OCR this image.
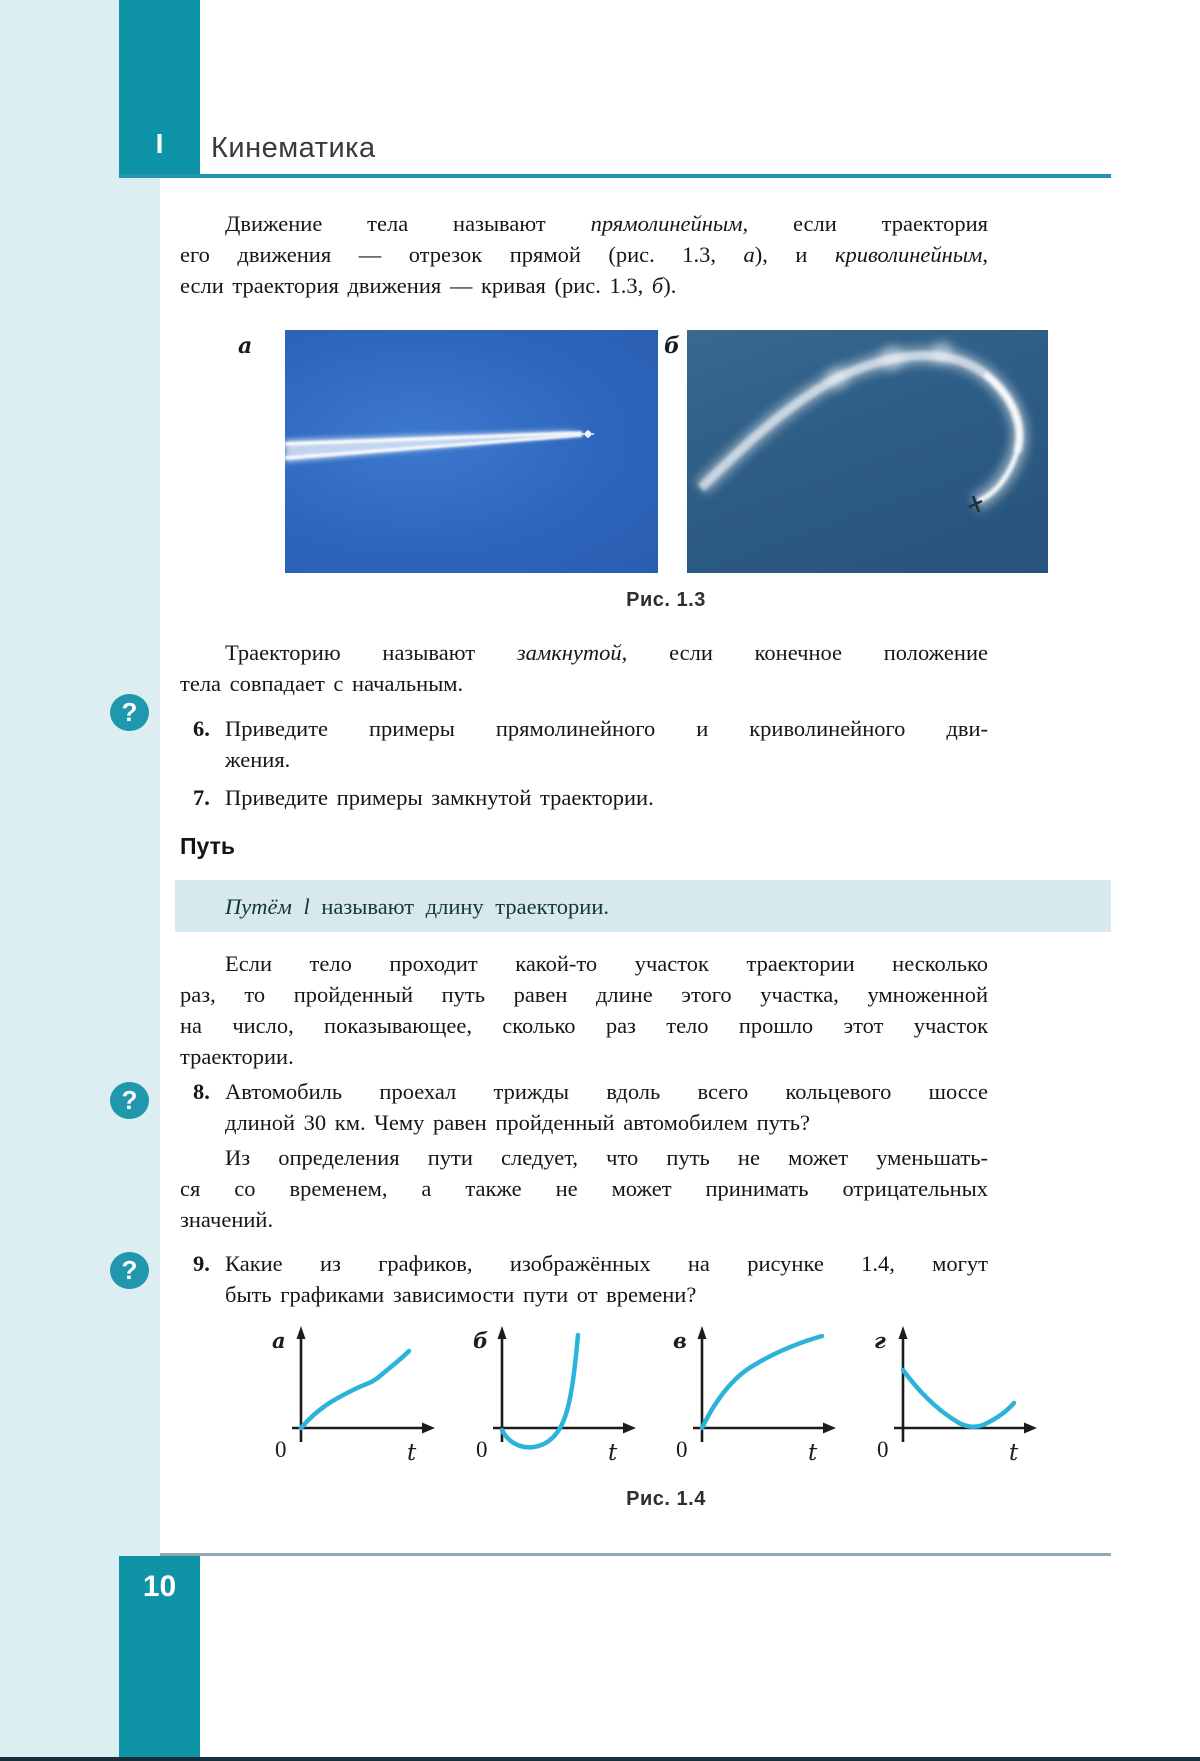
I	Кинематика
Движение тела называют прямолинейным, если траектория
его движения — отрезок прямой (рис. 1.3, а), и криволинейным,
если траектория движения — кривая (рис. 1.3, б).
а	б
Рис. 1.3
Траекторию называют замкнутой, если конечное положение
тела совпадает с начальным.
?
?
?
6. Приведите примеры прямолинейного и криволинейного дви-
жения.
7. Приведите примеры замкнутой траектории.
Путь
Путём l называют длину траектории.
Если тело проходит какой-то участок траектории несколько
раз, то пройденный путь равен длине этого участка, умноженной
на число, показывающее, сколько раз тело прошло этот участок
траектории.
8. Автомобиль проехал трижды вдоль всего кольцевого шоссе
длиной 30 км. Чему равен пройденный автомобилем путь?
Из определения пути следует, что путь не может уменьшать-
ся со временем, а также не может принимать отрицательных
значений.
9. Какие из графиков, изображённых на рисунке 1.4, могут
быть графиками зависимости пути от времени?
а	б	в	г
0	0	0	0
t	t	t	t
Рис. 1.4
10
